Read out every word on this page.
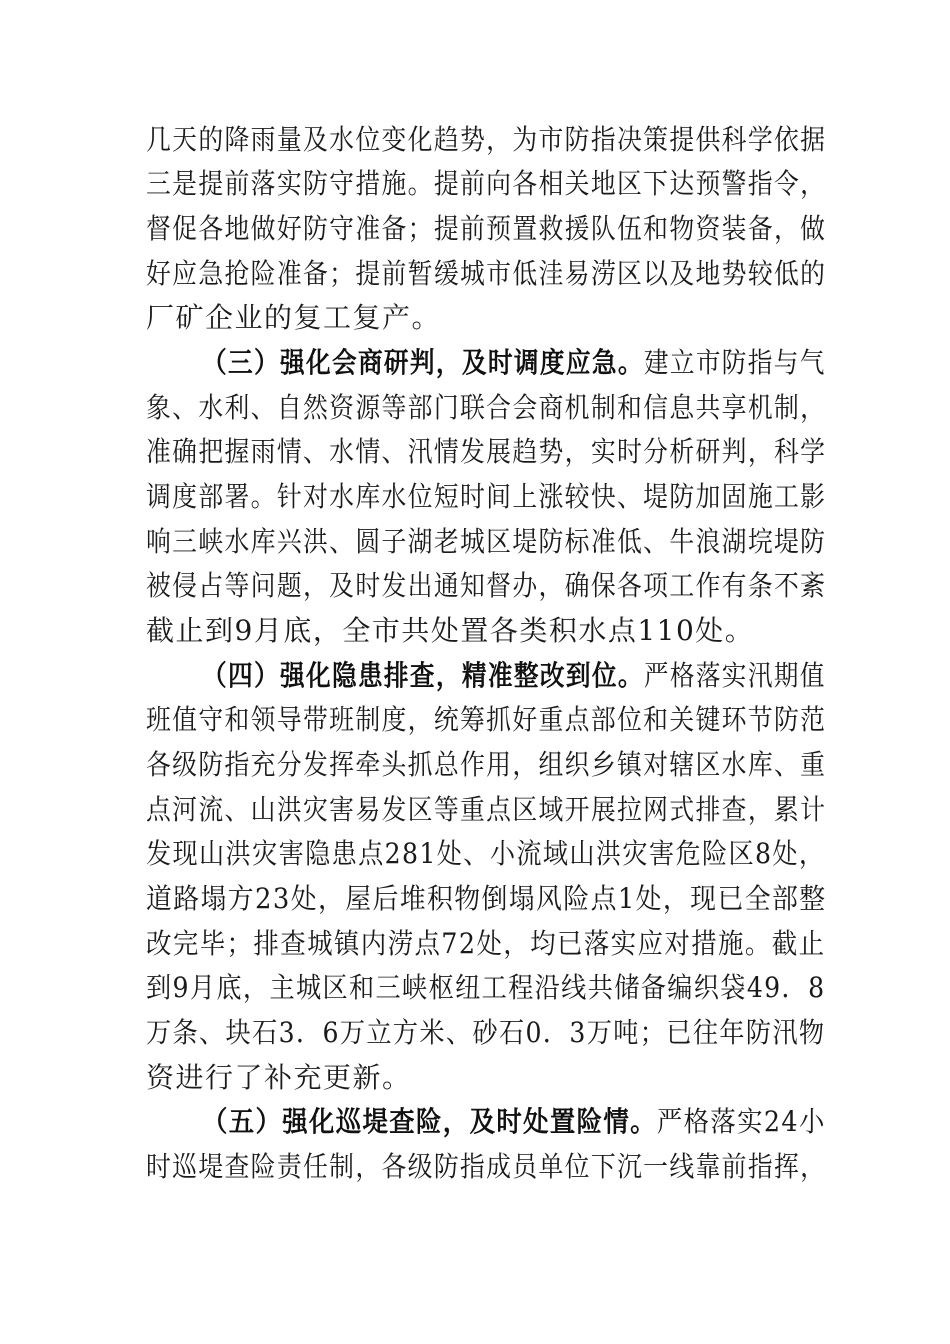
几天的降雨量及水位变化趋势，为市防指决策提供科学依据
三是提前落实防守措施。提前向各相关地区下达预警指令，
督促各地做好防守准备；提前预置救援队伍和物资装备，做
好应急抢险准备；提前暂缓城市低洼易涝区以及地势较低的
厂矿企业的复工复产。
（三）强化会商研判，及时调度应急。建立市防指与气
象、水利、自然资源等部门联合会商机制和信息共享机制，
准确把握雨情、水情、汛情发展趋势，实时分析研判，科学
调度部署。针对水库水位短时间上涨较快、堤防加固施工影
响三峡水库兴洪、圆子湖老城区堤防标准低、牛浪湖垸堤防
被侵占等问题，及时发出通知督办，确保各项工作有条不紊
截止到9月底，全市共处置各类积水点110处。
（四）强化隐患排查，精准整改到位。严格落实汛期值
班值守和领导带班制度，统筹抓好重点部位和关键环节防范
各级防指充分发挥牵头抓总作用，组织乡镇对辖区水库、重
点河流、山洪灾害易发区等重点区域开展拉网式排查，累计
发现山洪灾害隐患点281处、小流域山洪灾害危险区8处，
道路塌方23处，屋后堆积物倒塌风险点1处，现已全部整
改完毕；排查城镇内涝点72处，均已落实应对措施。截止
到9月底，主城区和三峡枢纽工程沿线共储备编织袋49．8
万条、块石3．6万立方米、砂石0．3万吨；已往年防汛物
资进行了补充更新。
（五）强化巡堤查险，及时处置险情。严格落实24小
时巡堤查险责任制，各级防指成员单位下沉一线靠前指挥，
